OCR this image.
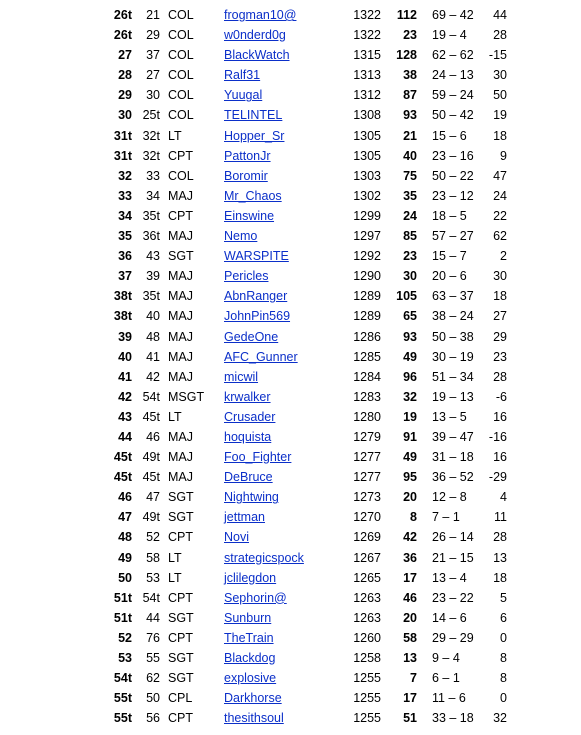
26t 21 COL frogman10@	1322 112 69 – 42 44
26t 29 COL w0nderd0g	1322 23 19 – 4 28
27 37 COL BlackWatch	1315 128 62 – 62 -15
28 27 COL Ralf31	1313 38 24 – 13 30
29 30 COL Yuugal	1312 87 59 – 24 50
30 25t COL TELINTEL	1308 93 50 – 42 19
31t 32t LT	Hopper_Sr	1305 21 15 – 6 18
31t 32t CPT PattonJr	1305 40 23 – 16 9
32 33 COL Boromir	1303 75 50 – 22 47
33 34 MAJ Mr_Chaos	1302 35 23 – 12 24
34 35t CPT Einswine	1299 24 18 – 5 22
35 36t MAJ Nemo	1297 85 57 – 27 62
36 43 SGT WARSPITE	1292 23 15 – 7	2
37 39 MAJ Pericles	1290 30 20 – 6 30
38t 35t MAJ AbnRanger	1289 105 63 – 37 18
38t 40 MAJ JohnPin569	1289 65 38 – 24 27
39 48 MAJ GedeOne	1286 93 50 – 38 29
40 41 MAJ AFC_Gunner	1285 49 30 – 19 23
41 42 MAJ micwil	1284 96 51 – 34 28
42 54t MSGT krwalker	1283 32 19 – 13 -6
43 45t LT	Crusader	1280 19 13 – 5 16
44 46 MAJ hoquista	1279 91 39 – 47 -16
45t 49t MAJ Foo_Fighter	1277 49 31 – 18 16
45t 45t MAJ DeBruce	1277 95 36 – 52 -29
46 47 SGT Nightwing	1273 20 12 – 8	4
47 49t SGT jettman	1270 8 7 – 1	11
48 52 CPT Novi	1269 42 26 – 14 28
49 58 LT	strategicspock	1267 36 21 – 15 13
50 53 LT	jclilegdon	1265 17 13 – 4 18
51t 54t CPT Sephorin@	1263 46 23 – 22 5
51t 44 SGT Sunburn	1263 20 14 – 6	6
52 76 CPT TheTrain	1260 58 29 – 29 0
53 55 SGT Blackdog	1258 13 9 – 4	8
54t 62 SGT explosive	1255 7 6 – 1	8
55t 50 CPL	Darkhorse	1255 17 11 – 6	0
55t 56 CPT thesithsoul	1255 51 33 – 18 32
